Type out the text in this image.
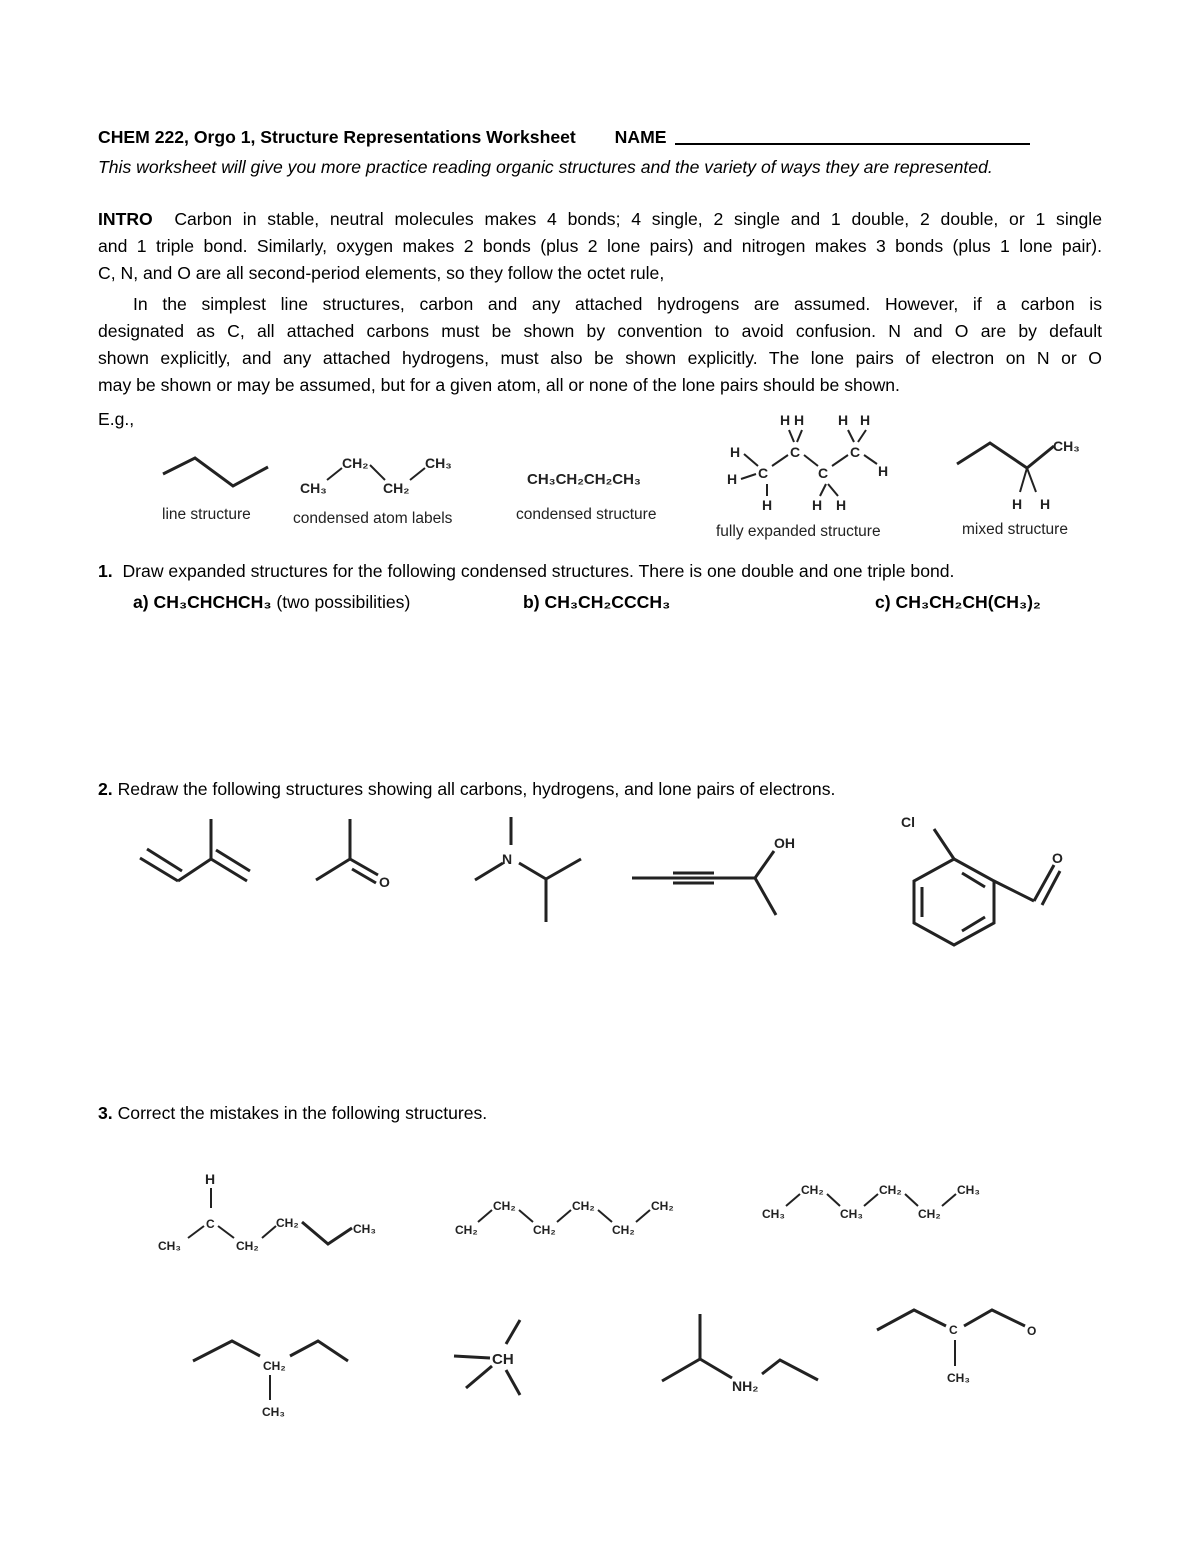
CHEM 222, Orgo 1, Structure Representations Worksheet NAME
This worksheet will give you more practice reading organic structures and the variety of ways they are represented.
INTRO Carbon in stable, neutral molecules makes 4 bonds; 4 single, 2 single and 1 double, 2 double, or 1 single
and 1 triple bond. Similarly, oxygen makes 2 bonds (plus 2 lone pairs) and nitrogen makes 3 bonds (plus 1 lone pair).
C, N, and O are all second-period elements, so they follow the octet rule,
In the simplest line structures, carbon and any attached hydrogens are assumed. However, if a carbon is
designated as C, all attached carbons must be shown by convention to avoid confusion. N and O are by default
shown explicitly, and any attached hydrogens, must also be shown explicitly. The lone pairs of electron on N or O
may be shown or may be assumed, but for a given atom, all or none of the lone pairs should be shown.
E.g.,
CH₃
CH₂
CH₂
CH₃
CH₃CH₂CH₂CH₃
H
H C
H
C
H H
C
H H
C
H H
H
CH₃
H H
line structure	condensed atom labels	condensed structure
fully expanded structure	mixed structure
1. Draw expanded structures for the following condensed structures. There is one double and one triple bond.
a) CH₃CHCHCH₃ (two possibilities)	b) CH₃CH₂CCCH₃	c) CH₃CH₂CH(CH₃)₂
2. Redraw the following structures showing all carbons, hydrogens, and lone pairs of electrons.
O
N
OH
Cl
O
3. Correct the mistakes in the following structures.
H
C
CH₃	CH₂
CH₂	CH₃	CH₂
CH₂
CH₂
CH₂
CH₂
CH₂
CH₃
CH₂
CH₃
CH₂
CH₂
CH₃
CH₂
CH₃
CH
NH₂
C	O
CH₃
